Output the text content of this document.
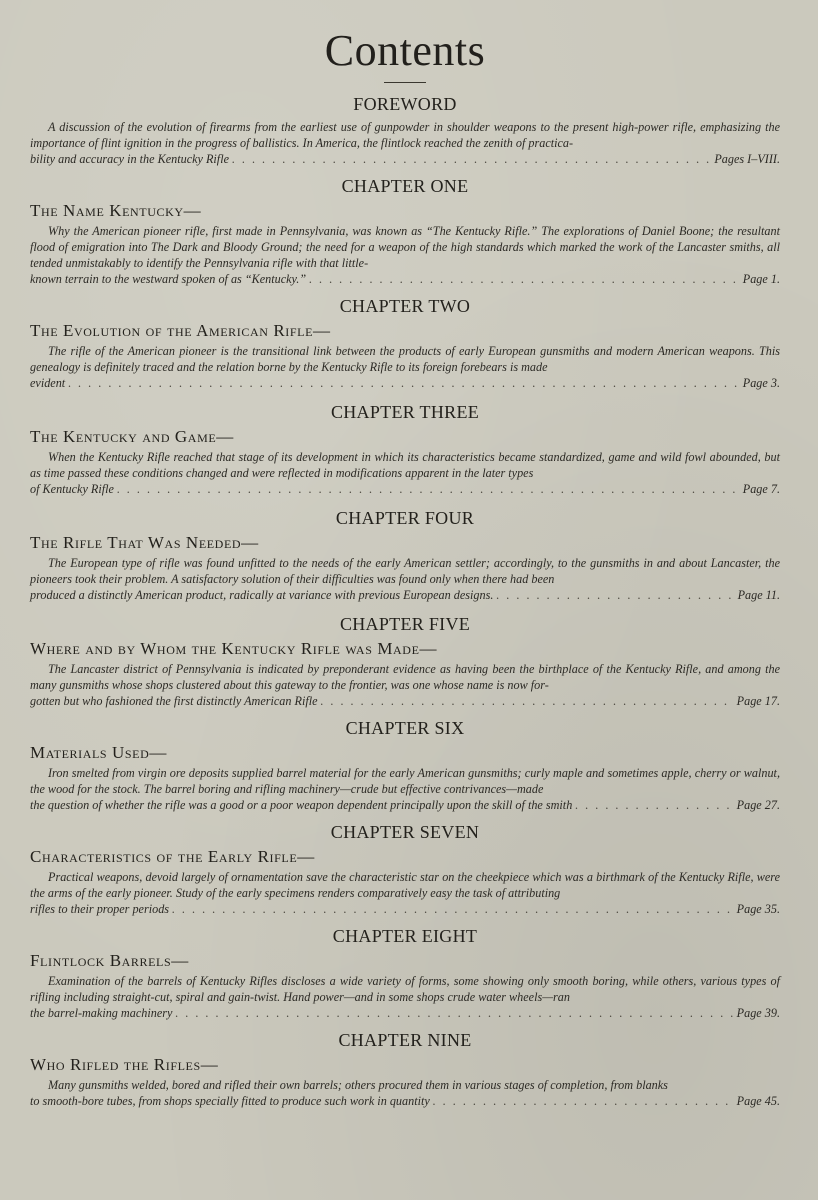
Contents
FOREWORD

A discussion of the evolution of firearms from the earliest use of gunpowder in shoulder weapons to the present high-power rifle, emphasizing the importance of flint ignition in the progress of ballistics. In America, the flintlock reached the zenith of practica-

bility and accuracy in the Kentucky Rifle . . .	Pages I–VIII.
CHAPTER ONE
The Name Kentucky—

Why the American pioneer rifle, first made in Pennsylvania, was known as “The Kentucky Rifle.” The explorations of Daniel Boone; the resultant flood of emigration into The Dark and Bloody Ground; the need for a weapon of the high standards which marked the work of the Lancaster smiths, all tended unmistakably to identify the Pennsylvania rifle with that little-

known terrain to the westward spoken of as “Kentucky.” . . .	Page 1.
CHAPTER TWO
The Evolution of the American Rifle—

The rifle of the American pioneer is the transitional link between the products of early European gunsmiths and modern American weapons. This genealogy is definitely traced and the relation borne by the Kentucky Rifle to its foreign forebears is made

evident . . .	Page 3.
CHAPTER THREE
The Kentucky and Game—

When the Kentucky Rifle reached that stage of its development in which its characteristics became standardized, game and wild fowl abounded, but as time passed these conditions changed and were reflected in modifications apparent in the later types

of Kentucky Rifle . . .	Page 7.
CHAPTER FOUR
The Rifle That Was Needed—

The European type of rifle was found unfitted to the needs of the early American settler; accordingly, to the gunsmiths in and about Lancaster, the pioneers took their problem. A satisfactory solution of their difficulties was found only when there had been

produced a distinctly American product, radically at variance with previous European designs. . . .	Page 11.
CHAPTER FIVE
Where and by Whom the Kentucky Rifle was Made—

The Lancaster district of Pennsylvania is indicated by preponderant evidence as having been the birthplace of the Kentucky Rifle, and among the many gunsmiths whose shops clustered about this gateway to the frontier, was one whose name is now for-

gotten but who fashioned the first distinctly American Rifle . . .	Page 17.
CHAPTER SIX
Materials Used—

Iron smelted from virgin ore deposits supplied barrel material for the early American gunsmiths; curly maple and sometimes apple, cherry or walnut, the wood for the stock. The barrel boring and rifling machinery—crude but effective contrivances—made

the question of whether the rifle was a good or a poor weapon dependent principally upon the skill of the smith . . .	Page 27.
CHAPTER SEVEN
Characteristics of the Early Rifle—

Practical weapons, devoid largely of ornamentation save the characteristic star on the cheekpiece which was a birthmark of the Kentucky Rifle, were the arms of the early pioneer. Study of the early specimens renders comparatively easy the task of attributing

rifles to their proper periods . . .	Page 35.
CHAPTER EIGHT
Flintlock Barrels—

Examination of the barrels of Kentucky Rifles discloses a wide variety of forms, some showing only smooth boring, while others, various types of rifling including straight-cut, spiral and gain-twist. Hand power—and in some shops crude water wheels—ran

the barrel-making machinery . . .	Page 39.
CHAPTER NINE
Who Rifled the Rifles—

Many gunsmiths welded, bored and rifled their own barrels; others procured them in various stages of completion, from blanks

to smooth-bore tubes, from shops specially fitted to produce such work in quantity . . .	Page 45.
